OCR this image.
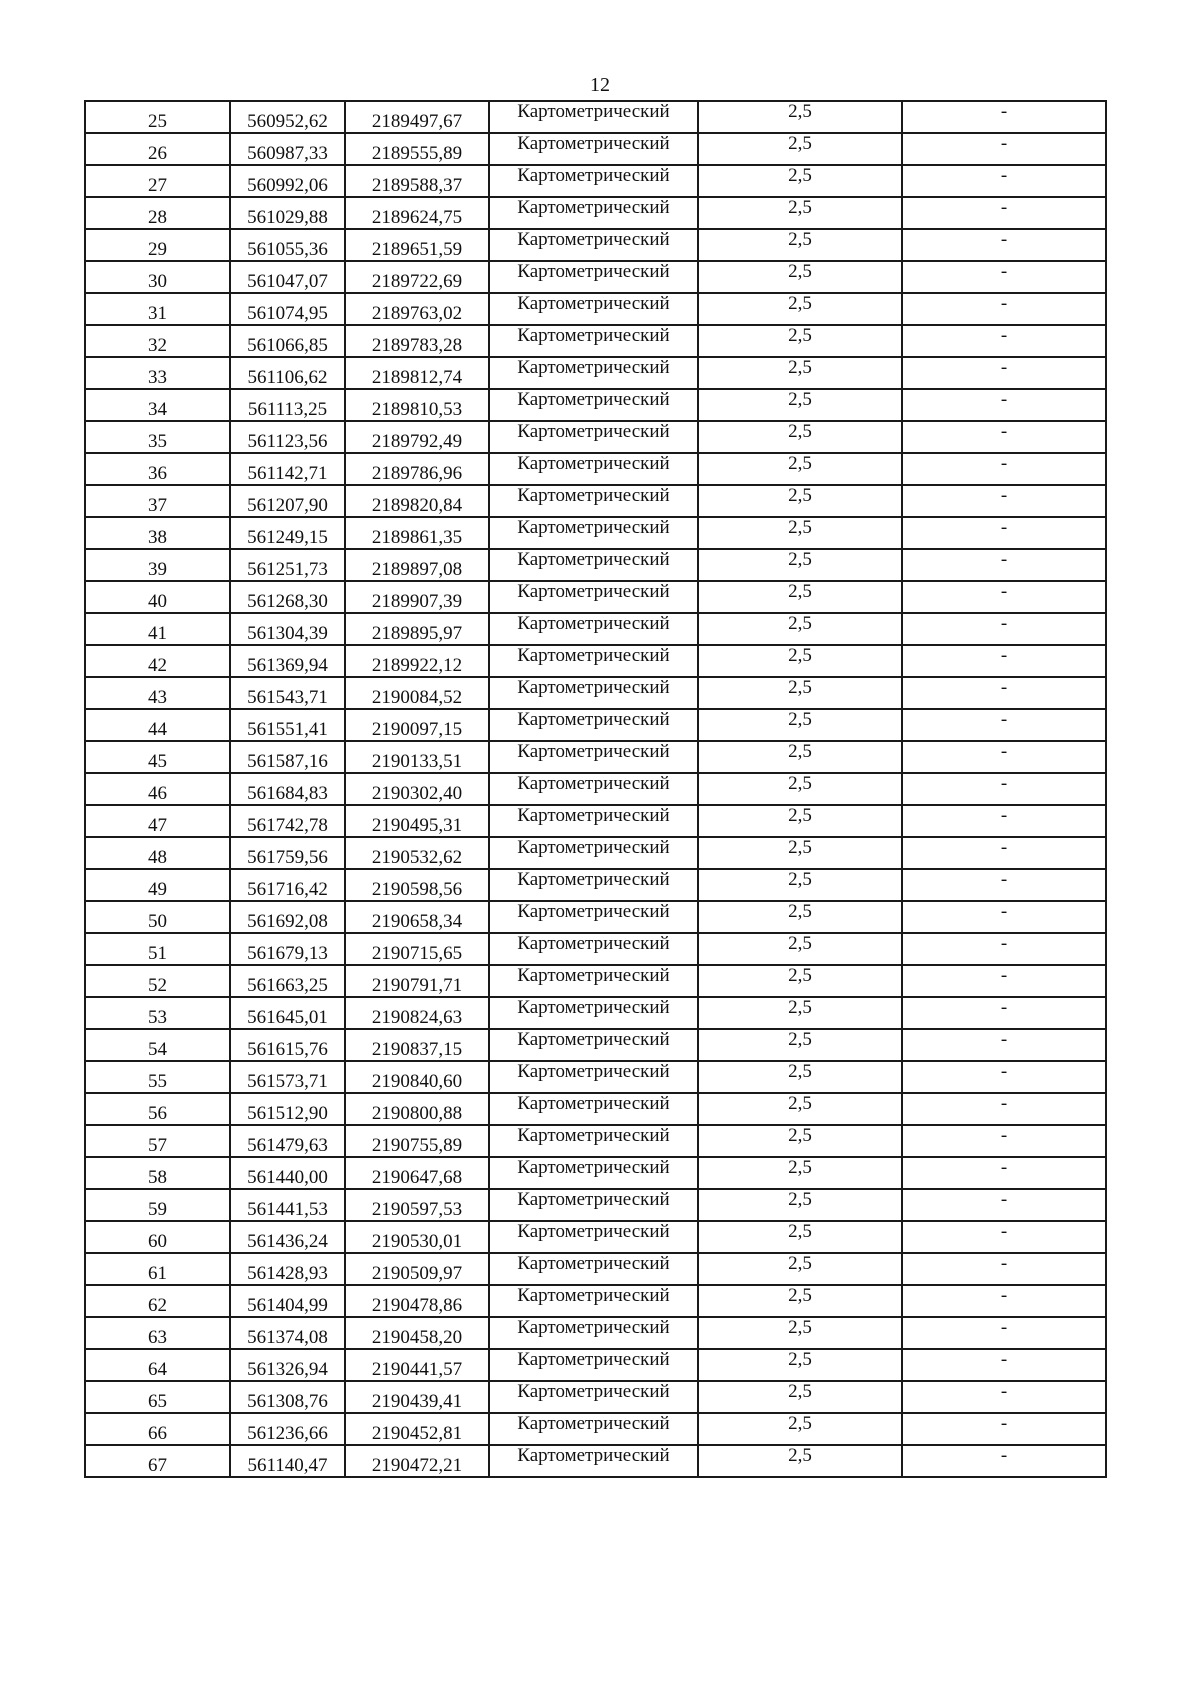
12
25	560952,62	2189497,67	Картометрический	2,5	-
26	560987,33	2189555,89	Картометрический	2,5	-
27	560992,06	2189588,37	Картометрический	2,5	-
28	561029,88	2189624,75	Картометрический	2,5	-
29	561055,36	2189651,59	Картометрический	2,5	-
30	561047,07	2189722,69	Картометрический	2,5	-
31	561074,95	2189763,02	Картометрический	2,5	-
32	561066,85	2189783,28	Картометрический	2,5	-
33	561106,62	2189812,74	Картометрический	2,5	-
34	561113,25	2189810,53	Картометрический	2,5	-
35	561123,56	2189792,49	Картометрический	2,5	-
36	561142,71	2189786,96	Картометрический	2,5	-
37	561207,90	2189820,84	Картометрический	2,5	-
38	561249,15	2189861,35	Картометрический	2,5	-
39	561251,73	2189897,08	Картометрический	2,5	-
40	561268,30	2189907,39	Картометрический	2,5	-
41	561304,39	2189895,97	Картометрический	2,5	-
42	561369,94	2189922,12	Картометрический	2,5	-
43	561543,71	2190084,52	Картометрический	2,5	-
44	561551,41	2190097,15	Картометрический	2,5	-
45	561587,16	2190133,51	Картометрический	2,5	-
46	561684,83	2190302,40	Картометрический	2,5	-
47	561742,78	2190495,31	Картометрический	2,5	-
48	561759,56	2190532,62	Картометрический	2,5	-
49	561716,42	2190598,56	Картометрический	2,5	-
50	561692,08	2190658,34	Картометрический	2,5	-
51	561679,13	2190715,65	Картометрический	2,5	-
52	561663,25	2190791,71	Картометрический	2,5	-
53	561645,01	2190824,63	Картометрический	2,5	-
54	561615,76	2190837,15	Картометрический	2,5	-
55	561573,71	2190840,60	Картометрический	2,5	-
56	561512,90	2190800,88	Картометрический	2,5	-
57	561479,63	2190755,89	Картометрический	2,5	-
58	561440,00	2190647,68	Картометрический	2,5	-
59	561441,53	2190597,53	Картометрический	2,5	-
60	561436,24	2190530,01	Картометрический	2,5	-
61	561428,93	2190509,97	Картометрический	2,5	-
62	561404,99	2190478,86	Картометрический	2,5	-
63	561374,08	2190458,20	Картометрический	2,5	-
64	561326,94	2190441,57	Картометрический	2,5	-
65	561308,76	2190439,41	Картометрический	2,5	-
66	561236,66	2190452,81	Картометрический	2,5	-
67	561140,47	2190472,21	Картометрический	2,5	-
